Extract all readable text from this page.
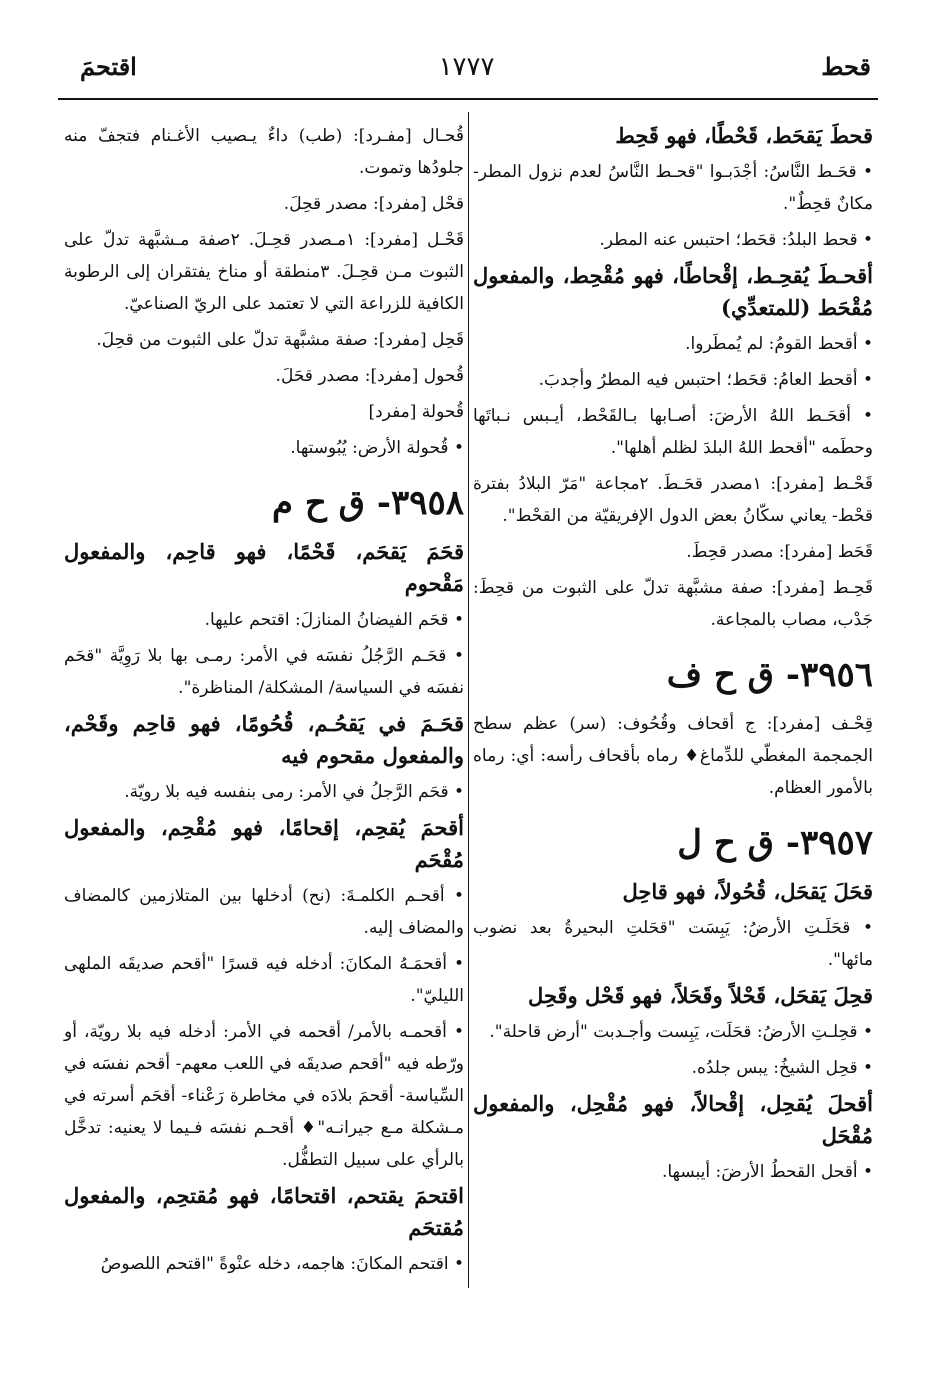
قحط
١٧٧٧
اقتحمَ

قحطَ يَقحَط، قَحْطًا، فهو قَحِط

• قحَـط النَّاسُ: أجْدَبـوا "قحـط النَّاسُ لعدم نزول المطر- مكانٌ قحِطٌ".

• قحط البلدُ: قحَط؛ احتبس عنه المطر.

أقحـطَ يُقحِـط، إقْحاطًا، فهو مُقْحِط، والمفعول مُقْحَط (للمتعدِّي)

• أقحط القومُ: لم يُمطَروا.

• أقحط العامُ: قحَط؛ احتبس فيه المطرُ وأجدبَ.

• أقحَـط اللهُ الأرضَ: أصـابها بـالقَحْط، أيـبس نـباتَها وحطَمه "أقحط اللهُ البلدَ لظلم أهلها".

قَحْـط [مفرد]: ١مصدر قحَـطَ. ٢مجاعة "مَرّ البلادُ بفترة قحْط- يعاني سكّانُ بعض الدول الإفريقيّة من القحْط".

قَحَط [مفرد]: مصدر قحِطَ.

قَحِـط [مفرد]: صفة مشبَّهة تدلّ على الثبوت من قحِطَ: جَدْب، مصاب بالمجاعة.

٣٩٥٦- ق ح ف

قِحْـف [مفرد]: ج أقحاف وقُحُوف: (سر) عظم سطح الجمجمة المغطّي للدِّماغ♦ رماه بأقحاف رأسه: أي: رماه بالأمور العظام.

٣٩٥٧- ق ح ل

قحَلَ يَقحَل، قُحُولاً، فهو قاحِل

• قحَلَـتِ الأرضُ: يَبِسَت "قحَلتِ البحيرةُ بعد نضوب مائها".

قحِلَ يَقحَل، قَحْلاً وقَحَلاً، فهو قَحْل وقَحِل

• قحِلـتِ الأرضُ: قحَلَت، يَبِست وأجـدبت "أرض قاحلة".

• قحِل الشيخُ: يبس جلدُه.

أقحلَ يُقحِل، إقْحالاً، فهو مُقْحِل، والمفعول مُقْحَل

• أقحل القحطُ الأرضَ: أيبسها.

قُحـال [مفـرد]: (طب) داءٌ يـصيب الأغـنام فتجفّ منه جلودُها وتموت.

قحْل [مفرد]: مصدر قحِلَ.

قَحْـل [مفرد]: ١مـصدر قحِـلَ. ٢صفة مـشبَّهة تدلّ على الثبوت مـن قحِـلَ. ٣منطقة أو مناخ يفتقران إلى الرطوبة الكافية للزراعة التي لا تعتمد على الريّ الصناعيّ.

قَحِل [مفرد]: صفة مشبَّهة تدلّ على الثبوت من قحِلَ.

قُحول [مفرد]: مصدر قحَلَ.

قُحولة [مفرد]

• قُحولة الأرض: يُبُوستها.

٣٩٥٨- ق ح م

قحَمَ يَقحَم، قَحْمًا، فهو قاحِم، والمفعول مَقْحوم

• قحَم الفيضانُ المنازلَ: اقتحم عليها.

• قحَـم الرَّجُلُ نفسَه في الأمر: رمـى بها بلا رَوِيَّة "قحَم نفسَه في السياسة/ المشكلة/ المناظرة".

قحَـمَ في يَقحُـم، قُحُومًا، فهو قاحِم وقَحْم، والمفعول مقحوم فيه

• قحَم الرَّجلُ في الأمر: رمى بنفسه فيه بلا رويّة.

أقحمَ يُقحِم، إقحامًا، فهو مُقْحِم، والمفعول مُقْحَم

• أقحـم الكلمـةَ: (نح) أدخلها بين المتلازمين كالمضاف والمضاف إليه.

• أقحمَـهُ المكانَ: أدخله فيه قسرًا "أقحم صديقَه الملهى الليليّ".

• أقحمـه بالأمر/ أقحمه في الأمر: أدخله فيه بلا رويّة، أو ورّطه فيه "أقحم صديقَه في اللعب معهم- أقحم نفسَه في السِّياسة- أقحمَ بلادَه في مخاطرة رَعْناء- أقحَم أسرته في مـشكلة مـع جيرانـه"♦ أقحـم نفسَه فـيما لا يعنيه: تدخَّل بالرأي على سبيل التطفُّل.

اقتحمَ يقتحم، اقتحامًا، فهو مُقتحِم، والمفعول مُقتحَم

• اقتحم المكانَ: هاجمه، دخله عنْوةً "اقتحم اللصوصُ
